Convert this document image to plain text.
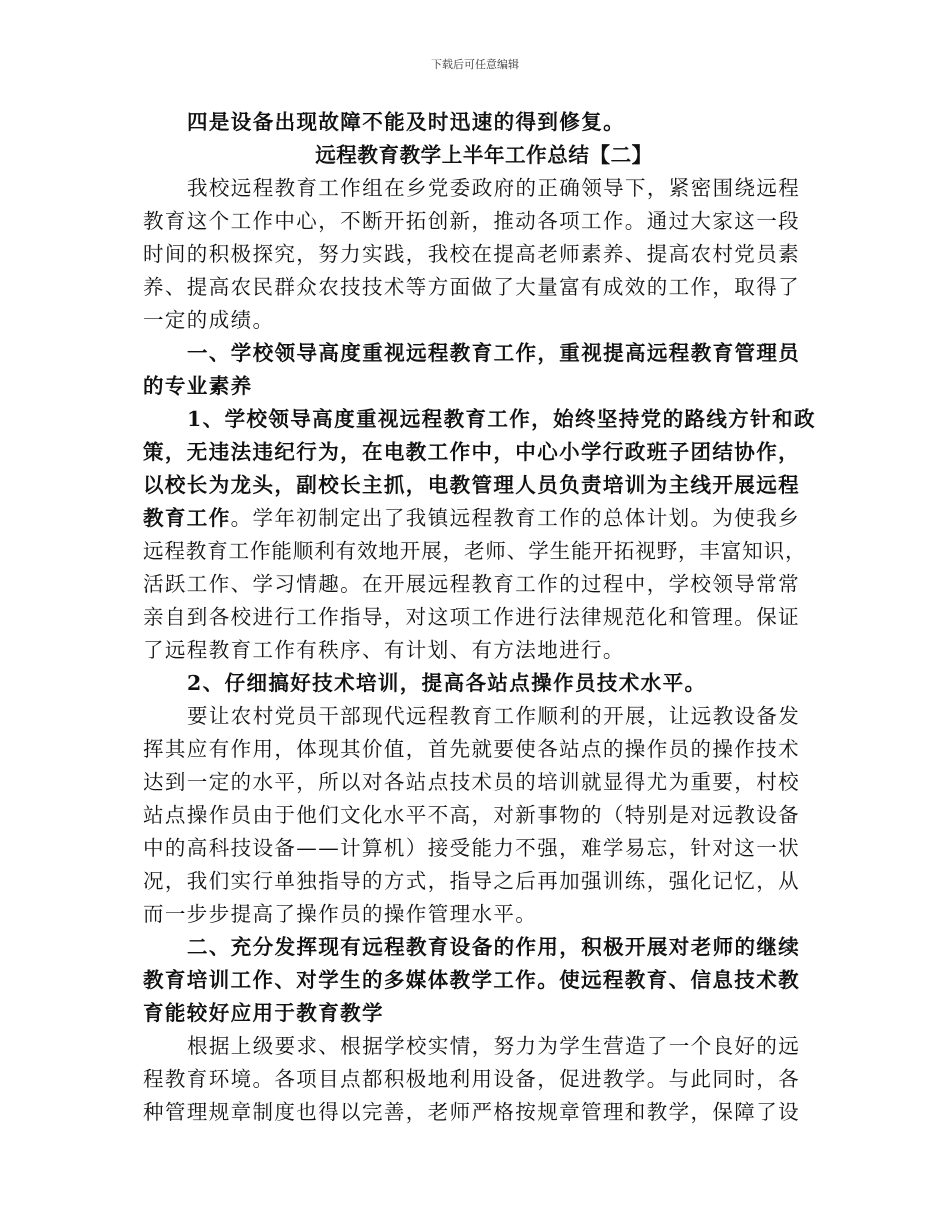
下载后可任意编辑
四是设备出现故障不能及时迅速的得到修复。
远程教育教学上半年工作总结【二】
我校远程教育工作组在乡党委政府的正确领导下，紧密围绕远程
教育这个工作中心，不断开拓创新，推动各项工作。通过大家这一段
时间的积极探究，努力实践，我校在提高老师素养、提高农村党员素
养、提高农民群众农技技术等方面做了大量富有成效的工作，取得了
一定的成绩。
一、学校领导高度重视远程教育工作，重视提高远程教育管理员
的专业素养
1、学校领导高度重视远程教育工作，始终坚持党的路线方针和政
策，无违法违纪行为，在电教工作中，中心小学行政班子团结协作，
以校长为龙头，副校长主抓，电教管理人员负责培训为主线开展远程
教育工作。学年初制定出了我镇远程教育工作的总体计划。为使我乡
远程教育工作能顺利有效地开展，老师、学生能开拓视野，丰富知识，
活跃工作、学习情趣。在开展远程教育工作的过程中，学校领导常常
亲自到各校进行工作指导，对这项工作进行法律规范化和管理。保证
了远程教育工作有秩序、有计划、有方法地进行。
2、仔细搞好技术培训，提高各站点操作员技术水平。
要让农村党员干部现代远程教育工作顺利的开展，让远教设备发
挥其应有作用，体现其价值，首先就要使各站点的操作员的操作技术
达到一定的水平，所以对各站点技术员的培训就显得尤为重要，村校
站点操作员由于他们文化水平不高，对新事物的（特别是对远教设备
中的高科技设备——计算机）接受能力不强，难学易忘，针对这一状
况，我们实行单独指导的方式，指导之后再加强训练，强化记忆，从
而一步步提高了操作员的操作管理水平。
二、充分发挥现有远程教育设备的作用，积极开展对老师的继续
教育培训工作、对学生的多媒体教学工作。使远程教育、信息技术教
育能较好应用于教育教学
根据上级要求、根据学校实情，努力为学生营造了一个良好的远
程教育环境。各项目点都积极地利用设备，促进教学。与此同时，各
种管理规章制度也得以完善，老师严格按规章管理和教学，保障了设
